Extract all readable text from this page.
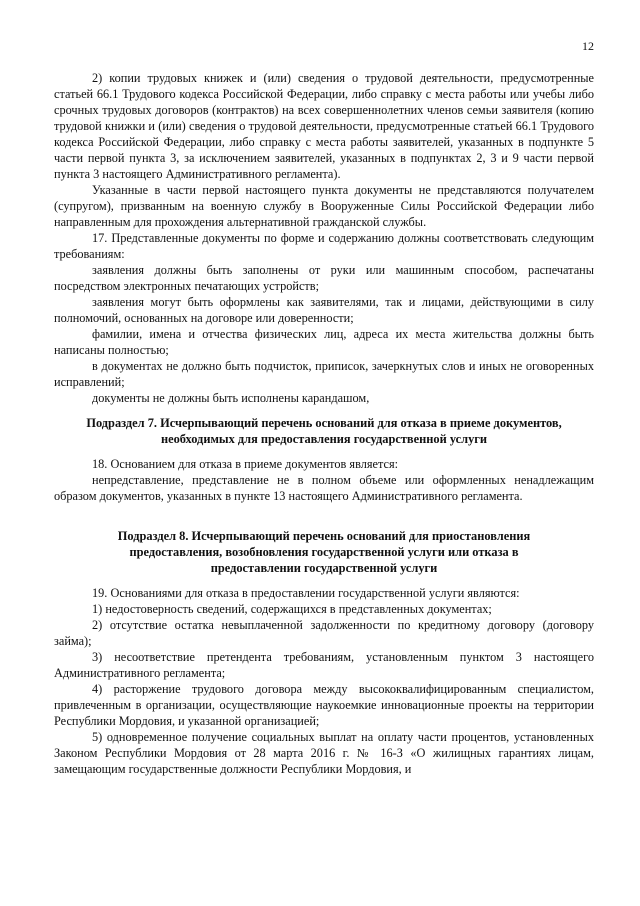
12

2) копии трудовых книжек и (или) сведения о трудовой деятельности, предусмотренные статьей 66.1 Трудового кодекса Российской Федерации, либо справку с места работы или учебы либо срочных трудовых договоров (контрактов) на всех совершеннолетних членов семьи заявителя (копию трудовой книжки и (или) сведения о трудовой деятельности, предусмотренные статьей 66.1 Трудового кодекса Российской Федерации, либо справку с места работы заявителей, указанных в подпункте 5 части первой пункта 3, за исключением заявителей, указанных в подпунктах 2, 3 и 9 части первой пункта 3 настоящего Административного регламента).

Указанные в части первой настоящего пункта документы не представляются получателем (супругом), призванным на военную службу в Вооруженные Силы Российской Федерации либо направленным для прохождения альтернативной гражданской службы.

17. Представленные документы по форме и содержанию должны соответствовать следующим требованиям:

заявления должны быть заполнены от руки или машинным способом, распечатаны посредством электронных печатающих устройств;

заявления могут быть оформлены как заявителями, так и лицами, действующими в силу полномочий, основанных на договоре или доверенности;

фамилии, имена и отчества физических лиц, адреса их места жительства должны быть написаны полностью;

в документах не должно быть подчисток, приписок, зачеркнутых слов и иных не оговоренных исправлений;

документы не должны быть исполнены карандашом,

Подраздел 7. Исчерпывающий перечень оснований для отказа в приеме документов,

необходимых для предоставления государственной услуги

18. Основанием для отказа в приеме документов является:

непредставление, представление не в полном объеме или оформленных ненадлежащим образом документов, указанных в пункте 13 настоящего Административного регламента.

Подраздел 8. Исчерпывающий перечень оснований для приостановления

предоставления, возобновления государственной услуги или отказа в

предоставлении государственной услуги

19. Основаниями для отказа в предоставлении государственной услуги являются:

1) недостоверность сведений, содержащихся в представленных документах;

2) отсутствие остатка невыплаченной задолженности по кредитному договору (договору займа);

3) несоответствие претендента требованиям, установленным пунктом 3 настоящего Административного регламента;

4) расторжение трудового договора между высококвалифицированным специалистом, привлеченным в организации, осуществляющие наукоемкие инновационные проекты на территории Республики Мордовия, и указанной организацией;

5) одновременное получение социальных выплат на оплату части процентов, установленных Законом Республики Мордовия от 28 марта 2016 г. № 16-З «О жилищных гарантиях лицам, замещающим государственные должности Республики Мордовия, и
